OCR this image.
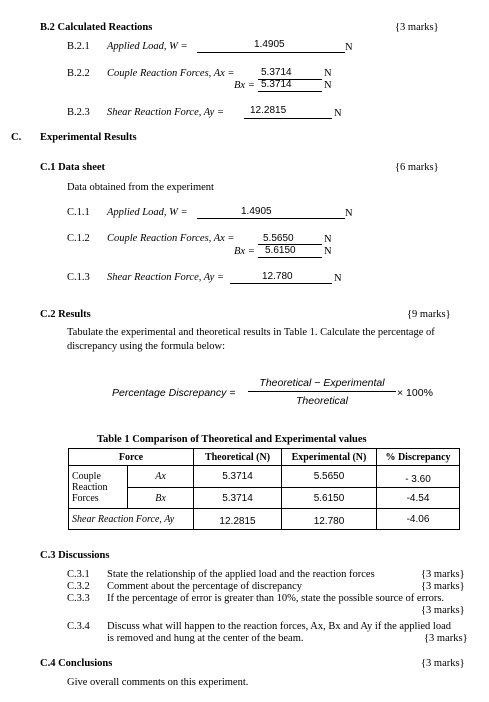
B.2 Calculated Reactions	{3 marks}
B.2.1 Applied Load, W =	1.4905	N
B.2.2 Couple Reaction Forces, Ax =	5.3714	N
Bx = 5.3714	N
B.2.3 Shear Reaction Force, Ay =	12.2815	N
C. Experimental Results
C.1 Data sheet	{6 marks}
Data obtained from the experiment
C.1.1 Applied Load, W =	1.4905	N
C.1.2 Couple Reaction Forces, Ax =	5.5650	N
Bx = 5.6150	N
C.1.3 Shear Reaction Force, Ay =	12.780	N
C.2 Results	{9 marks}
Tabulate the experimental and theoretical results in Table 1. Calculate the percentage of
discrepancy using the formula below:
Percentage Discrepancy =
Theoretical − Experimental
Theoretical
× 100%
Table 1 Comparison of Theoretical and Experimental values
Force		Theoretical (N)	Experimental (N)	% Discrepancy
Couple
Reaction
Forces	Ax	5.3714	5.5650	- 3.60
	Bx	5.3714	5.6150	-4.54
Shear Reaction Force, Ay		12.2815	12.780	-4.06
C.3 Discussions
C.3.1 State the relationship of the applied load and the reaction forces	{3 marks}
C.3.2 Comment about the percentage of discrepancy	{3 marks}
C.3.3 If the percentage of error is greater than 10%, state the possible source of errors.
{3 marks}
C.3.4 Discuss what will happen to the reaction forces, Ax, Bx and Ay if the applied load
is removed and hung at the center of the beam.	{3 marks}
C.4 Conclusions	{3 marks}
Give overall comments on this experiment.
